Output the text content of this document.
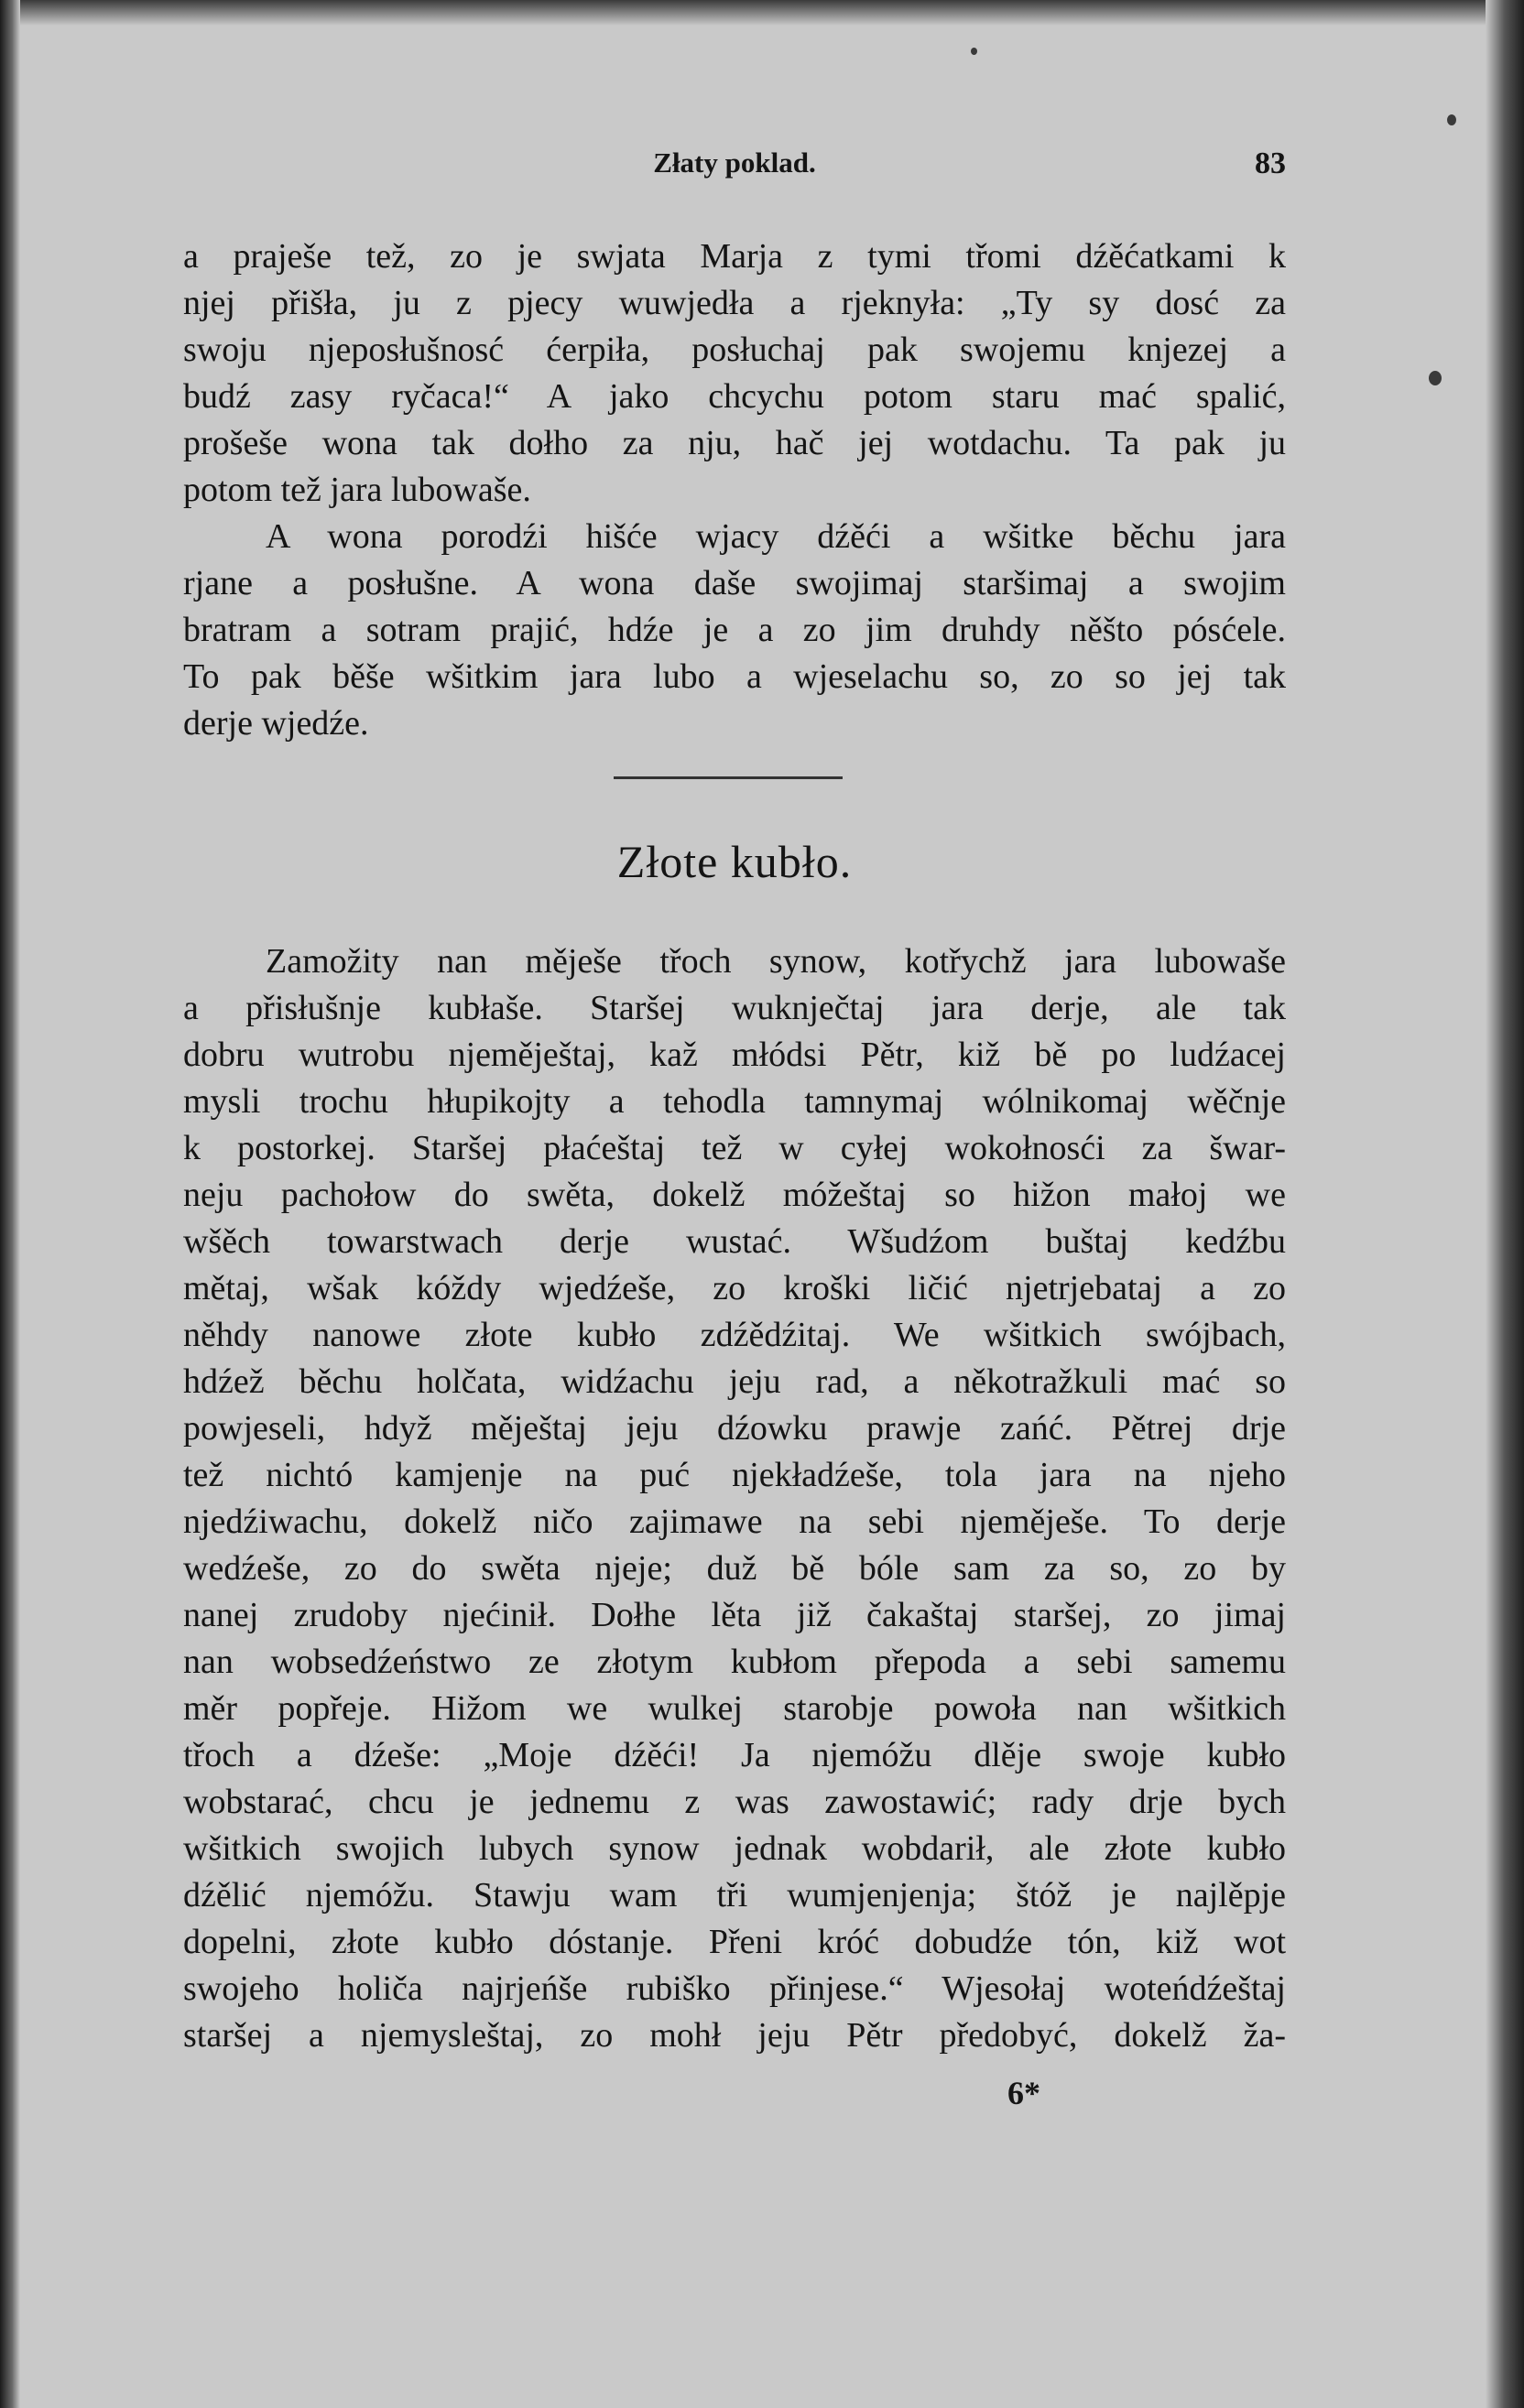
Złaty poklad.	83
a praješe tež, zo je swjata Marja z tymi třomi dźěćatkami k
njej přišła, ju z pjecy wuwjedła a rjeknyła: „Ty sy dosć za
swoju njeposłušnosć ćerpiła, posłuchaj pak swojemu knjezej a
budź zasy ryčaca!“ A jako chcychu potom staru mać spalić,
prošeše wona tak dołho za nju, hač jej wotdachu. Ta pak ju
potom tež jara lubowaše.
A wona porodźi hišće wjacy dźěći a wšitke běchu jara
rjane a posłušne. A wona daše swojimaj staršimaj a swojim
bratram a sotram prajić, hdźe je a zo jim druhdy něšto pósćele.
To pak běše wšitkim jara lubo a wjeselachu so, zo so jej tak
derje wjedźe.
Złote kubło.
Zamožity nan měješe třoch synow, kotřychž jara lubowaše
a přisłušnje kubłaše. Staršej wuknječtaj jara derje, ale tak
dobru wutrobu njeměještaj, kaž młódsi Pětr, kiž bě po ludźacej
mysli trochu hłupikojty a tehodla tamnymaj wólnikomaj wěčnje
k postorkej. Staršej płaćeštaj tež w cyłej wokołnosći za šwar-
neju pachołow do swěta, dokelž móžeštaj so hižon małoj we
wšěch towarstwach derje wustać. Wšudźom buštaj kedźbu
mětaj, wšak kóždy wjedźeše, zo kroški ličić njetrjebataj a zo
něhdy nanowe złote kubło zdźědźitaj. We wšitkich swójbach,
hdźež běchu holčata, widźachu jeju rad, a někotražkuli mać so
powjeseli, hdyž měještaj jeju dźowku prawje zańć. Pětrej drje
tež nichtó kamjenje na puć njekładźeše, tola jara na njeho
njedźiwachu, dokelž ničo zajimawe na sebi njeměješe. To derje
wedźeše, zo do swěta njeje; duž bě bóle sam za so, zo by
nanej zrudoby njećinił. Dołhe lěta již čakaštaj staršej, zo jimaj
nan wobsedźeństwo ze złotym kubłom přepoda a sebi samemu
měr popřeje. Hižom we wulkej starobje powoła nan wšitkich
třoch a dźeše: „Moje dźěći! Ja njemóžu dlěje swoje kubło
wobstarać, chcu je jednemu z was zawostawić; rady drje bych
wšitkich swojich lubych synow jednak wobdarił, ale złote kubło
dźělić njemóžu. Stawju wam tři wumjenjenja; štóž je najlěpje
dopelni, złote kubło dóstanje. Přeni króć dobudźe tón, kiž wot
swojeho holiča najrjeńše rubiško přinjese.“ Wjesołaj woteńdźeštaj
staršej a njemysleštaj, zo mohł jeju Pětr předobyć, dokelž ža-
6*
